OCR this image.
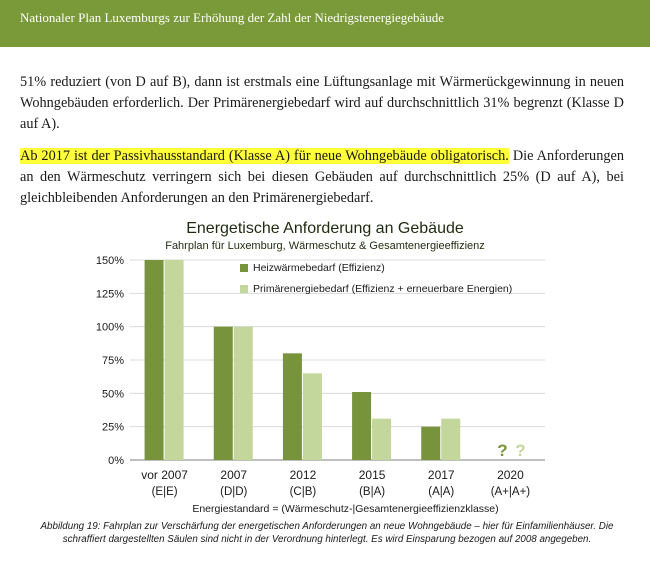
Nationaler Plan Luxemburgs zur Erhöhung der Zahl der Niedrigstenergiegebäude

51% reduziert (von D auf B), dann ist erstmals eine Lüftungsanlage mit Wärmerückgewinnung in neuen Wohngebäuden erforderlich. Der Primärenergiebedarf wird auf durchschnittlich 31% begrenzt (Klasse D auf A).

Ab 2017 ist der Passivhausstandard (Klasse A) für neue Wohngebäude obligatorisch. Die Anforderungen an den Wärmeschutz verringern sich bei diesen Gebäuden auf durchschnittlich 25% (D auf A), bei gleichbleibenden Anforderungen an den Primärenergiebedarf.

Energetische Anforderung an Gebäude
Fahrplan für Luxemburg, Wärmeschutz & Gesamtenergieeffizienz
0%
25%
50%
75%
100%
125%
150%
vor 2007
(E|E)
2007
(D|D)
2012
(C|B)
2015
(B|A)
2017
(A|A)
2020
(A+|A+)
? ?
Energiestandard = (Wärmeschutz-|Gesamtenergieeffizienzklasse)
Heizwärmebedarf (Effizienz)
Primärenergiebedarf (Effizienz + erneuerbare Energien)
Abbildung 19: Fahrplan zur Verschärfung der energetischen Anforderungen an neue Wohngebäude – hier für Einfamilienhäuser. Die schraffiert dargestellten Säulen sind nicht in der Verordnung hinterlegt. Es wird Einsparung bezogen auf 2008 angegeben.
